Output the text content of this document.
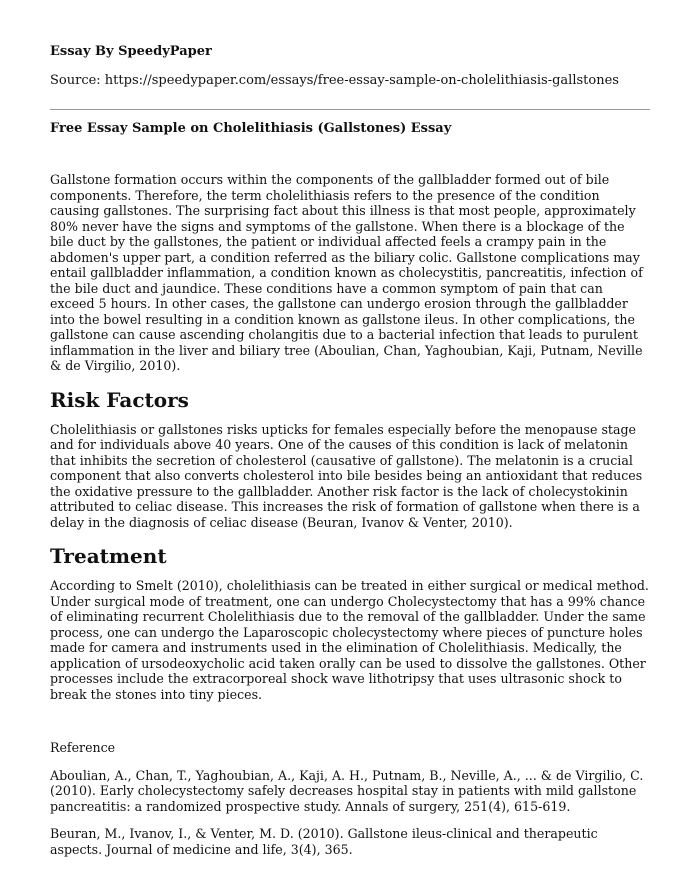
Essay By SpeedyPaper
Source: https://speedypaper.com/essays/free-essay-sample-on-cholelithiasis-gallstones
Free Essay Sample on Cholelithiasis (Gallstones) Essay

Gallstone formation occurs within the components of the gallbladder formed out of bile components. Therefore, the term cholelithiasis refers to the presence of the condition causing gallstones. The surprising fact about this illness is that most people, approximately 80% never have the signs and symptoms of the gallstone. When there is a blockage of the bile duct by the gallstones, the patient or individual affected feels a crampy pain in the abdomen's upper part, a condition referred as the biliary colic. Gallstone complications may entail gallbladder inflammation, a condition known as cholecystitis, pancreatitis, infection of the bile duct and jaundice. These conditions have a common symptom of pain that can exceed 5 hours. In other cases, the gallstone can undergo erosion through the gallbladder into the bowel resulting in a condition known as gallstone ileus. In other complications, the gallstone can cause ascending cholangitis due to a bacterial infection that leads to purulent inflammation in the liver and biliary tree (Aboulian, Chan, Yaghoubian, Kaji, Putnam, Neville & de Virgilio, 2010).

Risk Factors

Cholelithiasis or gallstones risks upticks for females especially before the menopause stage and for individuals above 40 years. One of the causes of this condition is lack of melatonin that inhibits the secretion of cholesterol (causative of gallstone). The melatonin is a crucial component that also converts cholesterol into bile besides being an antioxidant that reduces the oxidative pressure to the gallbladder. Another risk factor is the lack of cholecystokinin attributed to celiac disease. This increases the risk of formation of gallstone when there is a delay in the diagnosis of celiac disease (Beuran, Ivanov & Venter, 2010).

Treatment

According to Smelt (2010), cholelithiasis can be treated in either surgical or medical method. Under surgical mode of treatment, one can undergo Cholecystectomy that has a 99% chance of eliminating recurrent Cholelithiasis due to the removal of the gallbladder. Under the same process, one can undergo the Laparoscopic cholecystectomy where pieces of puncture holes made for camera and instruments used in the elimination of Cholelithiasis. Medically, the application of ursodeoxycholic acid taken orally can be used to dissolve the gallstones. Other processes include the extracorporeal shock wave lithotripsy that uses ultrasonic shock to break the stones into tiny pieces.

Reference

Aboulian, A., Chan, T., Yaghoubian, A., Kaji, A. H., Putnam, B., Neville, A., ... & de Virgilio, C. (2010). Early cholecystectomy safely decreases hospital stay in patients with mild gallstone pancreatitis: a randomized prospective study. Annals of surgery, 251(4), 615-619.

Beuran, M., Ivanov, I., & Venter, M. D. (2010). Gallstone ileus-clinical and therapeutic aspects. Journal of medicine and life, 3(4), 365.
